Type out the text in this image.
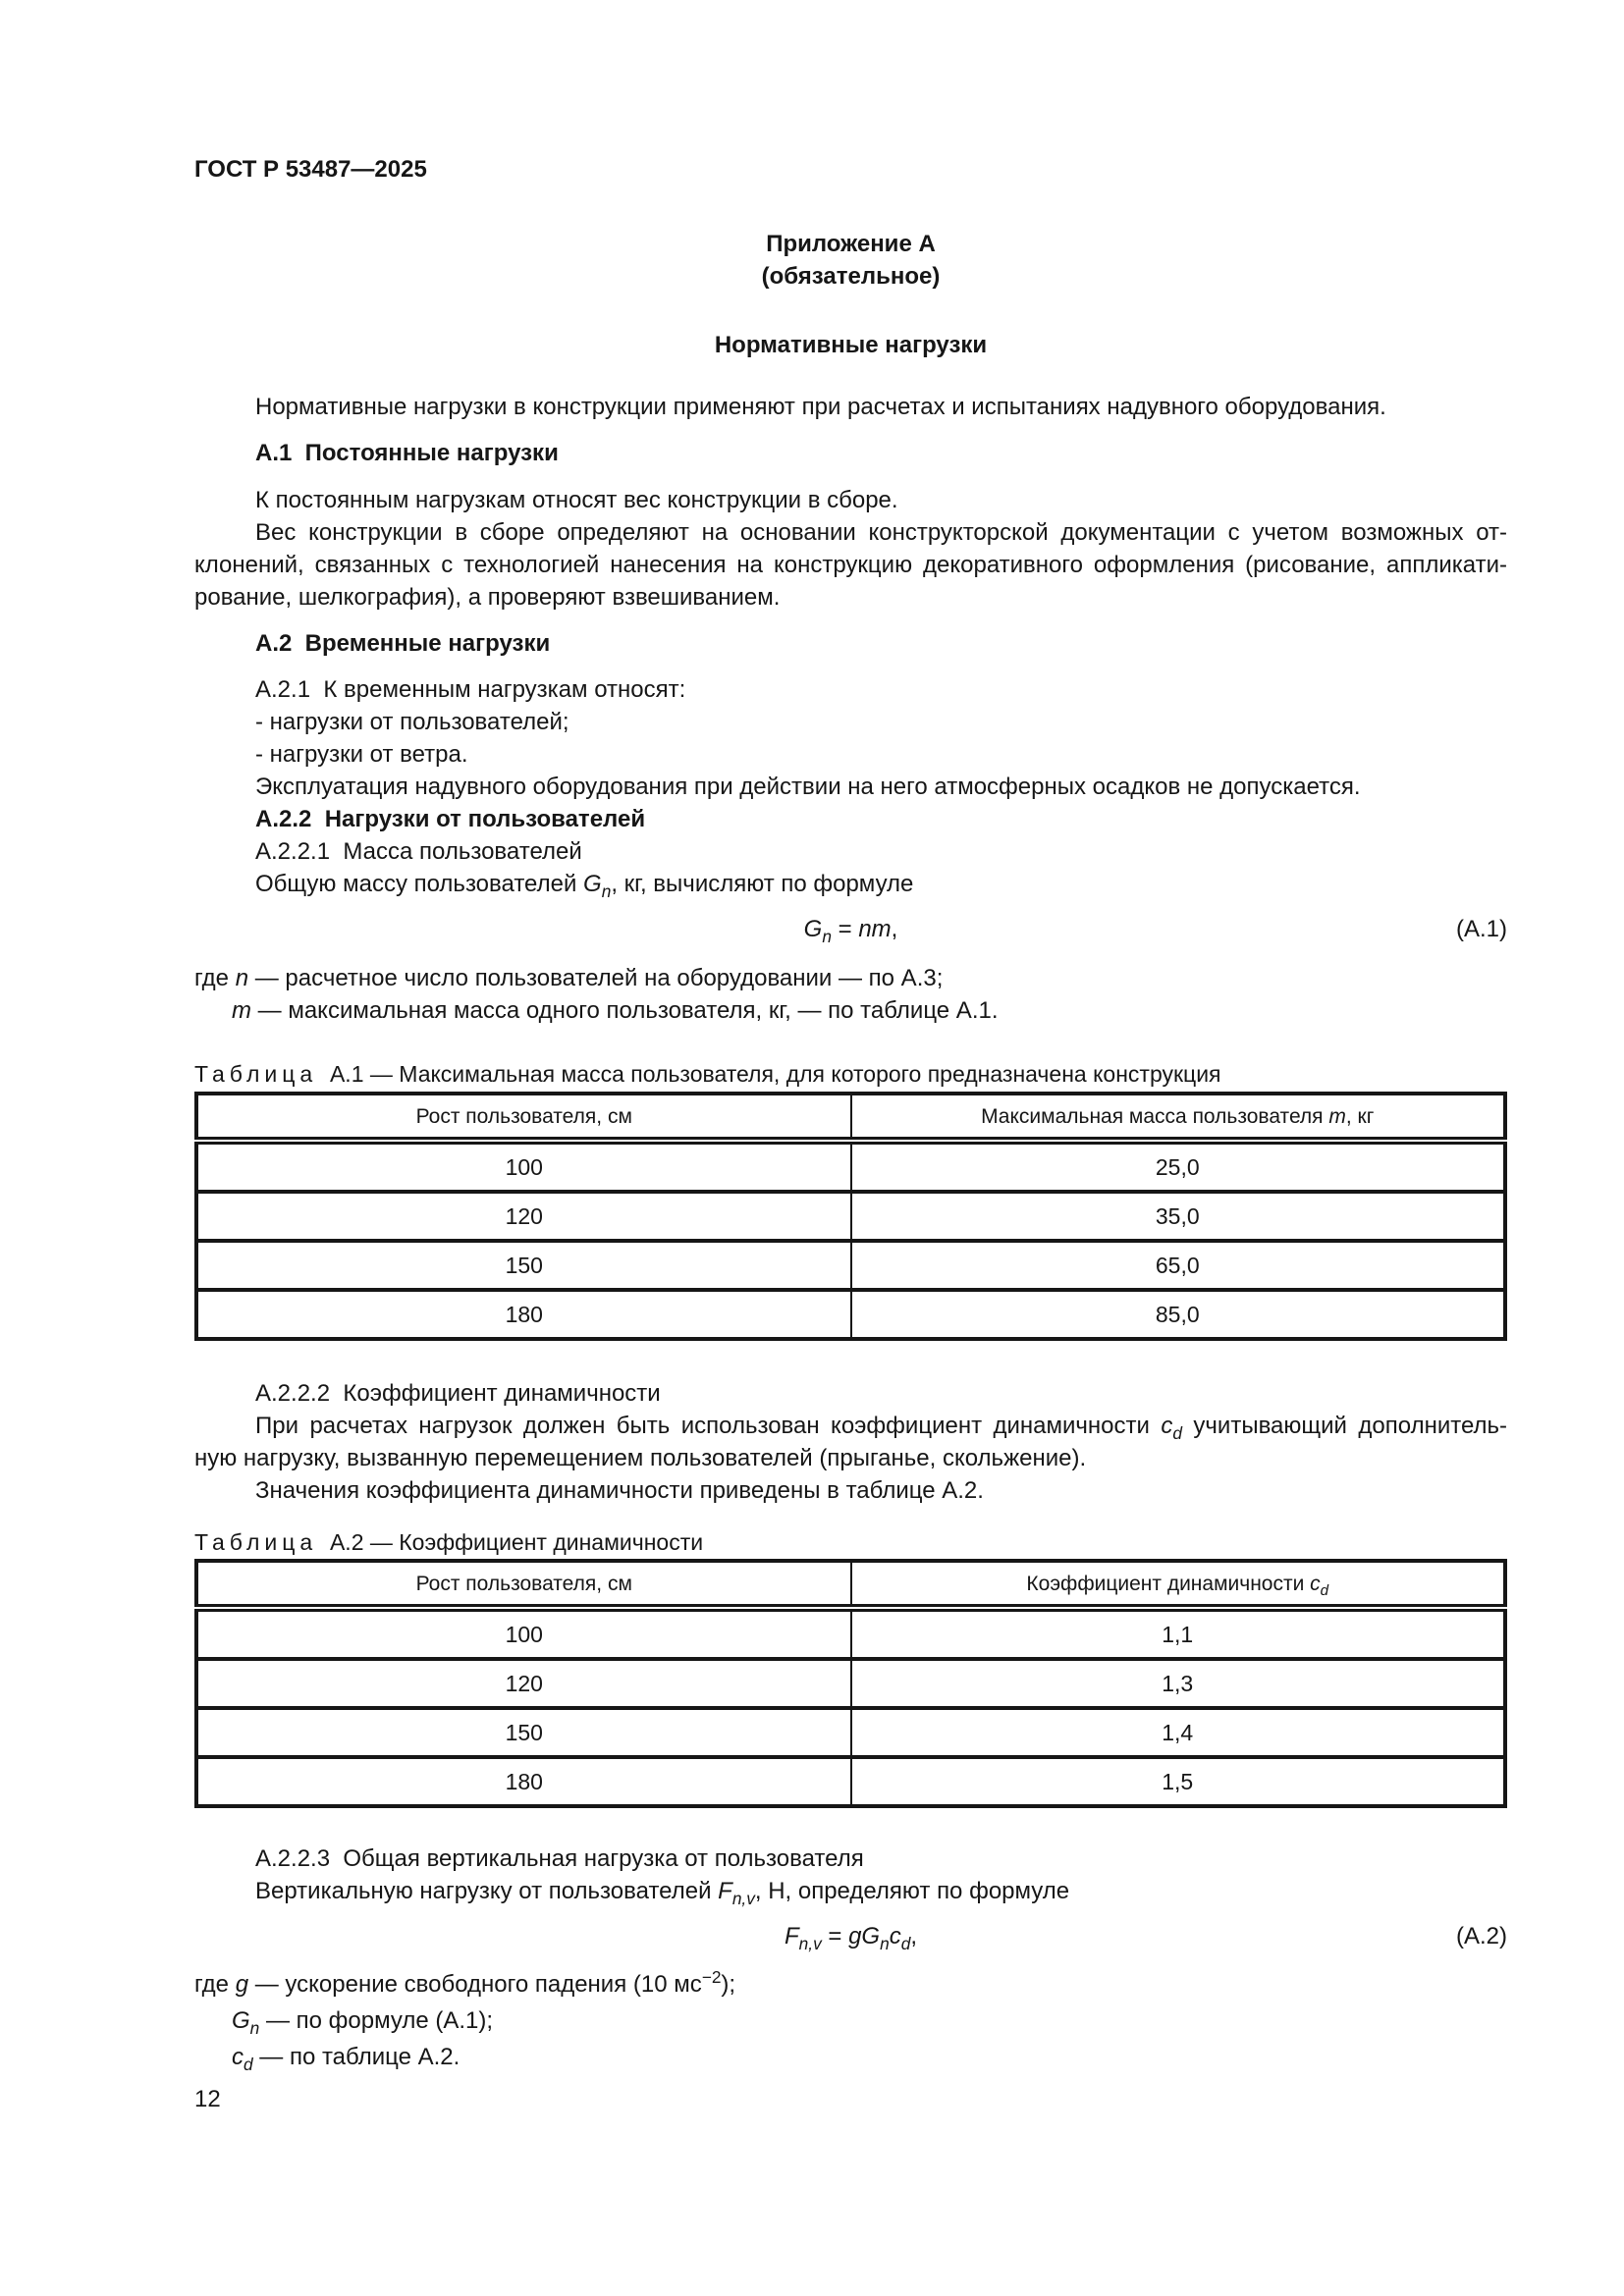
ГОСТ Р 53487—2025
Приложение А
(обязательное)
Нормативные нагрузки
Нормативные нагрузки в конструкции применяют при расчетах и испытаниях надувного оборудования.
А.1  Постоянные нагрузки
К постоянным нагрузкам относят вес конструкции в сборе.
Вес конструкции в сборе определяют на основании конструкторской документации с учетом возможных от-
клонений, связанных с технологией нанесения на конструкцию декоративного оформления (рисование, аппликати-
рование, шелкография), а проверяют взвешиванием.
А.2  Временные нагрузки
А.2.1  К временным нагрузкам относят:
- нагрузки от пользователей;
- нагрузки от ветра.
Эксплуатация надувного оборудования при действии на него атмосферных осадков не допускается.
А.2.2  Нагрузки от пользователей
А.2.2.1  Масса пользователей
Общую массу пользователей $G_n$, кг, вычисляют по формуле
$G_n$ = nm,	(А.1)
где n — расчетное число пользователей на оборудовании — по А.3;
m — максимальная масса одного пользователя, кг, — по таблице А.1.
Таблица  А.1 — Максимальная масса пользователя, для которого предназначена конструкция
Рост пользователя, см	Максимальная масса пользователя m, кг
100	25,0
120	35,0
150	65,0
180	85,0
А.2.2.2  Коэффициент динамичности
При расчетах нагрузок должен быть использован коэффициент динамичности $c_d$ учитывающий дополнитель-
ную нагрузку, вызванную перемещением пользователей (прыганье, скольжение).
Значения коэффициента динамичности приведены в таблице А.2.
Таблица  А.2 — Коэффициент динамичности
Рост пользователя, см	Коэффициент динамичности $c_d$
100	1,1
120	1,3
150	1,4
180	1,5
А.2.2.3  Общая вертикальная нагрузка от пользователя
Вертикальную нагрузку от пользователей $F_{n,v}$, Н, определяют по формуле
$F_{n,v} = gG_nc_d$,	(А.2)
где g — ускорение свободного падения (10 $мс^{-2}$);
$G_n$ — по формуле (А.1);
$c_d$ — по таблице А.2.
12
